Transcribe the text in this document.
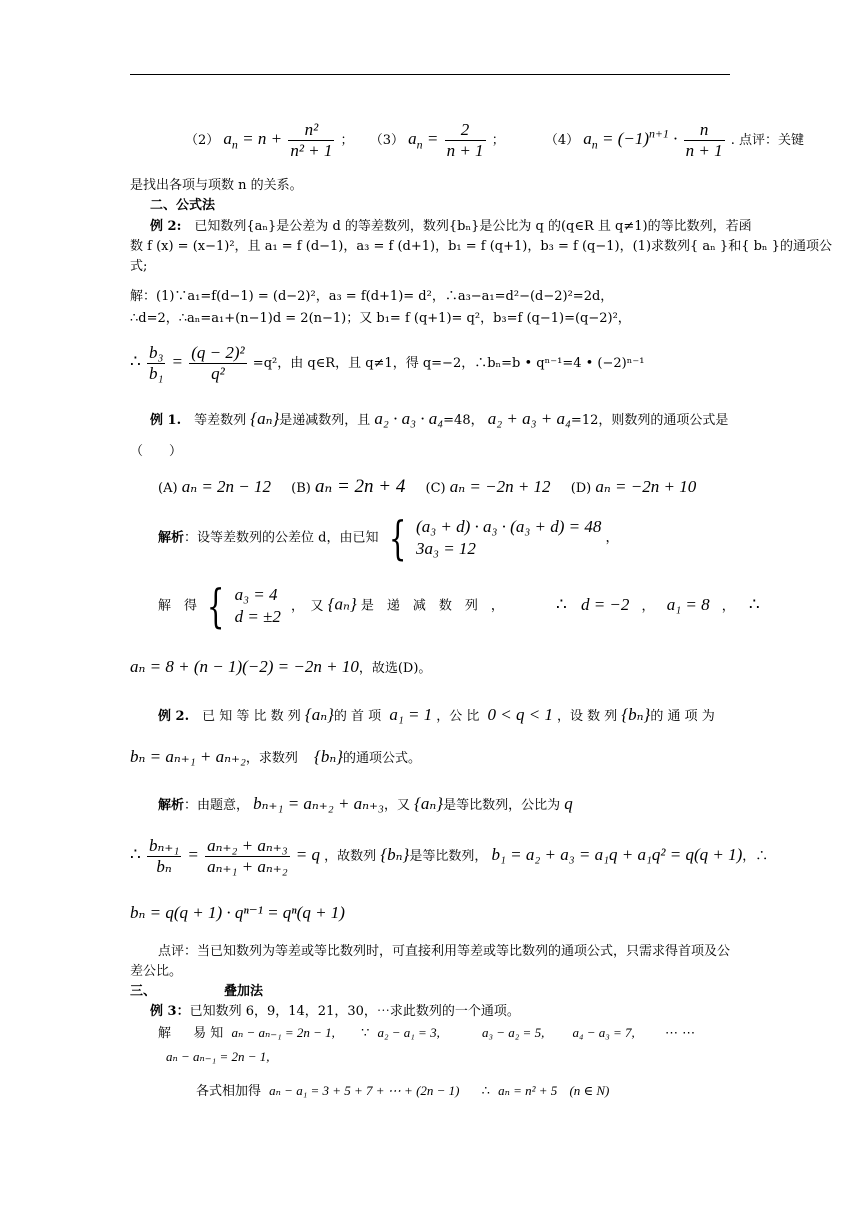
（2） $a_n = n + \frac{\text{n²}}{\text{n² + 1}}$ ； （3） $a_n = \frac{2}{n + 1}$ ；	（4） $a_n = (-1)^{n+1} \cdot \frac{n}{n + 1}$ . 点评：关键
是找出各项与项数 n 的关系。
二、公式法
例 2:　 已知数列{aₙ}是公差为 d 的等差数列，数列{bₙ}是公比为 q 的(q∈R 且 q≠1)的等比数列，若函
数 f (x) = (x−1)²，且 a₁ = f (d−1)，a₃ = f (d+1)，b₁ = f (q+1)，b₃ = f (q−1)，(1)求数列{ aₙ }和{ bₙ }的通项公
式;
解：(1)∵a₁=f(d−1) = (d−2)²，a₃ = f(d+1)= d²，∴a₃−a₁=d²−(d−2)²=2d，
∴d=2，∴aₙ=a₁+(n−1)d = 2(n−1)；又 b₁= f (q+1)= q²，b₃=f (q−1)=(q−2)²，
∴ $\frac{\text{b₃}}{\text{b₁}} = \frac{\text{(q − 2)²}}{\text{q²}} =q^2$，由 q∈R，且 q≠1，得 q=−2，∴bₙ=b • qⁿ⁻¹=4 • (−2)ⁿ⁻¹
例 1.　等差数列 {aₙ}是递减数列，且 a₂ · a₃ · a₄=48， a₂ + a₃ + a₄=12，则数列的通项公式是
（　　）
(A) aₙ = 2n − 12 (B) aₙ = 2n + 4 (C) aₙ = −2n + 12 (D) aₙ = −2n + 10
解析：设等差数列的公差位 d，由已知 { (a₃ + d) · a₃ · (a₃ + d) = 48
3a₃ = 12
，
解　得 { a₃ = 4
d = ±2
，　又 {aₙ} 是　递　减　数　列　，	∴ d = −2 ， a₁ = 8 ， ∴
aₙ = 8 + (n − 1)(−2) = −2n + 10，故选(D)。
例 2.　已 知 等 比 数 列 {aₙ}的 首 项 a₁ = 1 ，公 比 0 < q < 1 ，设 数 列 {bₙ}的 通 项 为
bₙ = aₙ₊₁ + aₙ₊₂，求数列 {bₙ}的通项公式。
解析：由题意， bₙ₊₁ = aₙ₊₂ + aₙ₊₃，又 {aₙ}是等比数列，公比为 q
∴ $\frac{\text{bₙ₊₁}}{\text{bₙ}} = \frac{\text{aₙ₊₂ + aₙ₊₃}}{\text{aₙ₊₁ + aₙ₊₂}} = q$ ，故数列 {bₙ}是等比数列， b₁ = a₂ + a₃ = a₁q + a₁q² = q(q + 1)，∴
bₙ = q(q + 1) · qⁿ⁻¹ = qⁿ(q + 1)
点评：当已知数列为等差或等比数列时，可直接利用等差或等比数列的通项公式，只需求得首项及公
差公比。
三、	叠加法
例 3：已知数列 6，9，14，21，30，⋯求此数列的一个通项。
解 易 知 aₙ − aₙ₋₁ = 2n − 1, ∵ a₂ − a₁ = 3,	a₃ − a₂ = 5, a₄ − a₃ = 7, ⋯ ⋯
aₙ − aₙ₋₁ = 2n − 1,
各式相加得 aₙ − a₁ = 3 + 5 + 7 + ⋯ + (2n − 1) ∴ aₙ = n² + 5 (n ∈ N)
